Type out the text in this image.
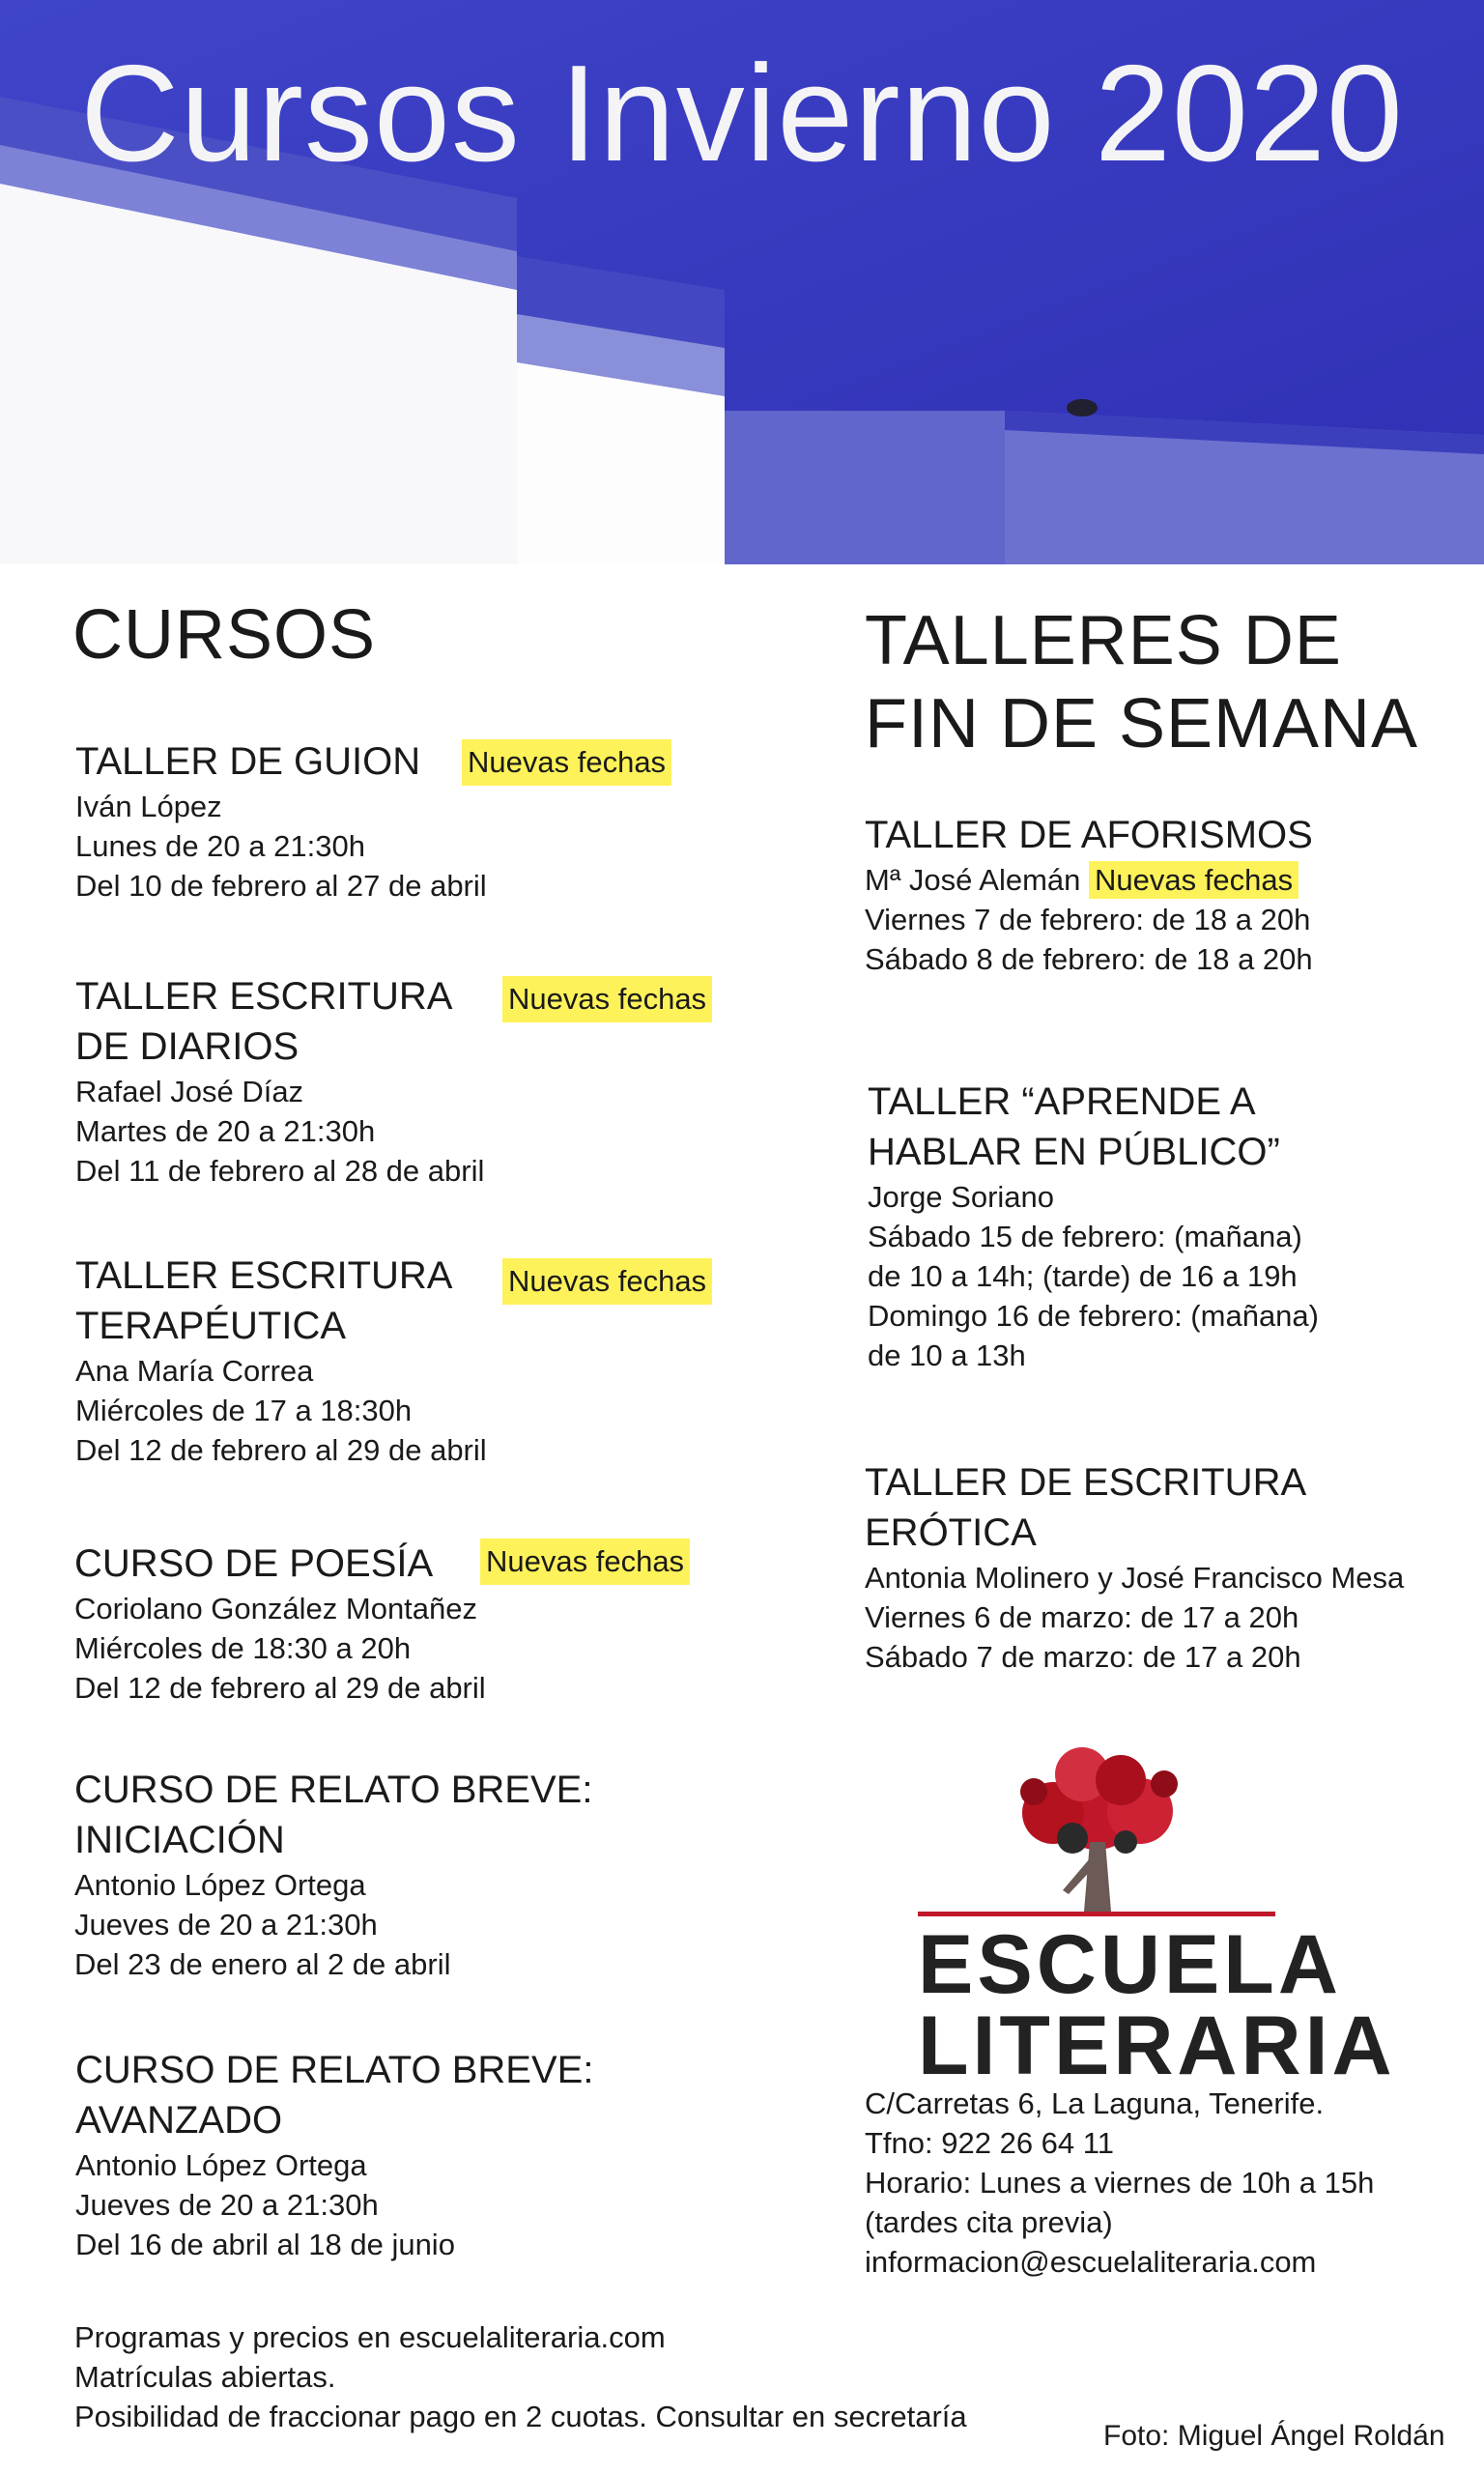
Cursos Invierno 2020
CURSOS
TALLER DE GUION
Iván López
Lunes de 20 a 21:30h
Del 10 de febrero al 27 de abril
Nuevas fechas
TALLER ESCRITURA
DE DIARIOS
Rafael José Díaz
Martes de 20 a 21:30h
Del 11 de febrero al 28 de abril
Nuevas fechas
TALLER ESCRITURA
TERAPÉUTICA
Ana María Correa
Miércoles de 17 a 18:30h
Del 12 de febrero al 29 de abril
Nuevas fechas
CURSO DE POESÍA
Coriolano González Montañez
Miércoles de 18:30 a 20h
Del 12 de febrero al 29 de abril
Nuevas fechas
CURSO DE RELATO BREVE:
INICIACIÓN
Antonio López Ortega
Jueves de 20 a 21:30h
Del 23 de enero al 2 de abril
CURSO DE RELATO BREVE:
AVANZADO
Antonio López Ortega
Jueves de 20 a 21:30h
Del 16 de abril al 18 de junio
TALLERES DE
FIN DE SEMANA
TALLER DE AFORISMOS
Mª José Alemán Nuevas fechas
Viernes 7 de febrero: de 18 a 20h
Sábado 8 de febrero: de 18 a 20h
TALLER “APRENDE A
HABLAR EN PÚBLICO”
Jorge Soriano
Sábado 15 de febrero: (mañana)
de 10 a 14h; (tarde) de 16 a 19h
Domingo 16 de febrero: (mañana)
de 10 a 13h
TALLER DE ESCRITURA
ERÓTICA
Antonia Molinero y José Francisco Mesa
Viernes 6 de marzo: de 17 a 20h
Sábado 7 de marzo: de 17 a 20h
ESCUELA
LITERARIA
C/Carretas 6, La Laguna, Tenerife.
Tfno: 922 26 64 11
Horario: Lunes a viernes de 10h a 15h
(tardes cita previa)
informacion@escuelaliteraria.com
Programas y precios en escuelaliteraria.com
Matrículas abiertas.
Posibilidad de fraccionar pago en 2 cuotas. Consultar en secretaría
Foto: Miguel Ángel Roldán
